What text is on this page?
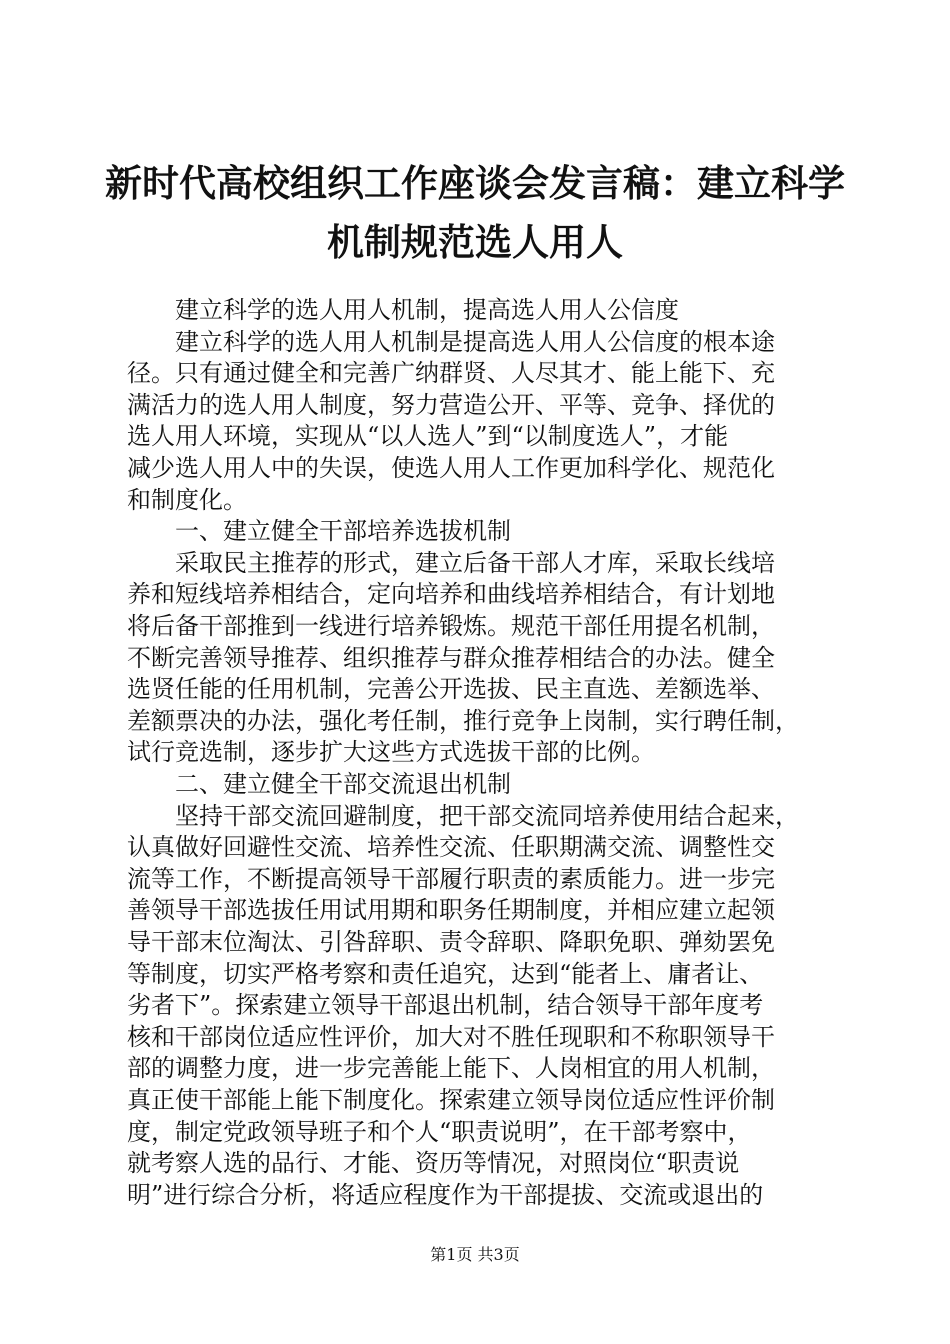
新时代高校组织工作座谈会发言稿：建立科学
机制规范选人用人
　　建立科学的选人用人机制，提高选人用人公信度
　　建立科学的选人用人机制是提高选人用人公信度的根本途
径。只有通过健全和完善广纳群贤、人尽其才、能上能下、充
满活力的选人用人制度，努力营造公开、平等、竞争、择优的
选人用人环境，实现从“以人选人”到“以制度选人”，才能
减少选人用人中的失误，使选人用人工作更加科学化、规范化
和制度化。
　　一、建立健全干部培养选拔机制
　　采取民主推荐的形式，建立后备干部人才库，采取长线培
养和短线培养相结合，定向培养和曲线培养相结合，有计划地
将后备干部推到一线进行培养锻炼。规范干部任用提名机制，
不断完善领导推荐、组织推荐与群众推荐相结合的办法。健全
选贤任能的任用机制，完善公开选拔、民主直选、差额选举、
差额票决的办法，强化考任制，推行竞争上岗制，实行聘任制，
试行竞选制，逐步扩大这些方式选拔干部的比例。
　　二、建立健全干部交流退出机制
　　坚持干部交流回避制度，把干部交流同培养使用结合起来，
认真做好回避性交流、培养性交流、任职期满交流、调整性交
流等工作，不断提高领导干部履行职责的素质能力。进一步完
善领导干部选拔任用试用期和职务任期制度，并相应建立起领
导干部末位淘汰、引咎辞职、责令辞职、降职免职、弹劾罢免
等制度，切实严格考察和责任追究，达到“能者上、庸者让、
劣者下”。探索建立领导干部退出机制，结合领导干部年度考
核和干部岗位适应性评价，加大对不胜任现职和不称职领导干
部的调整力度，进一步完善能上能下、人岗相宜的用人机制，
真正使干部能上能下制度化。探索建立领导岗位适应性评价制
度，制定党政领导班子和个人“职责说明”，在干部考察中，
就考察人选的品行、才能、资历等情况，对照岗位“职责说
明”进行综合分析，将适应程度作为干部提拔、交流或退出的
第1页 共3页
